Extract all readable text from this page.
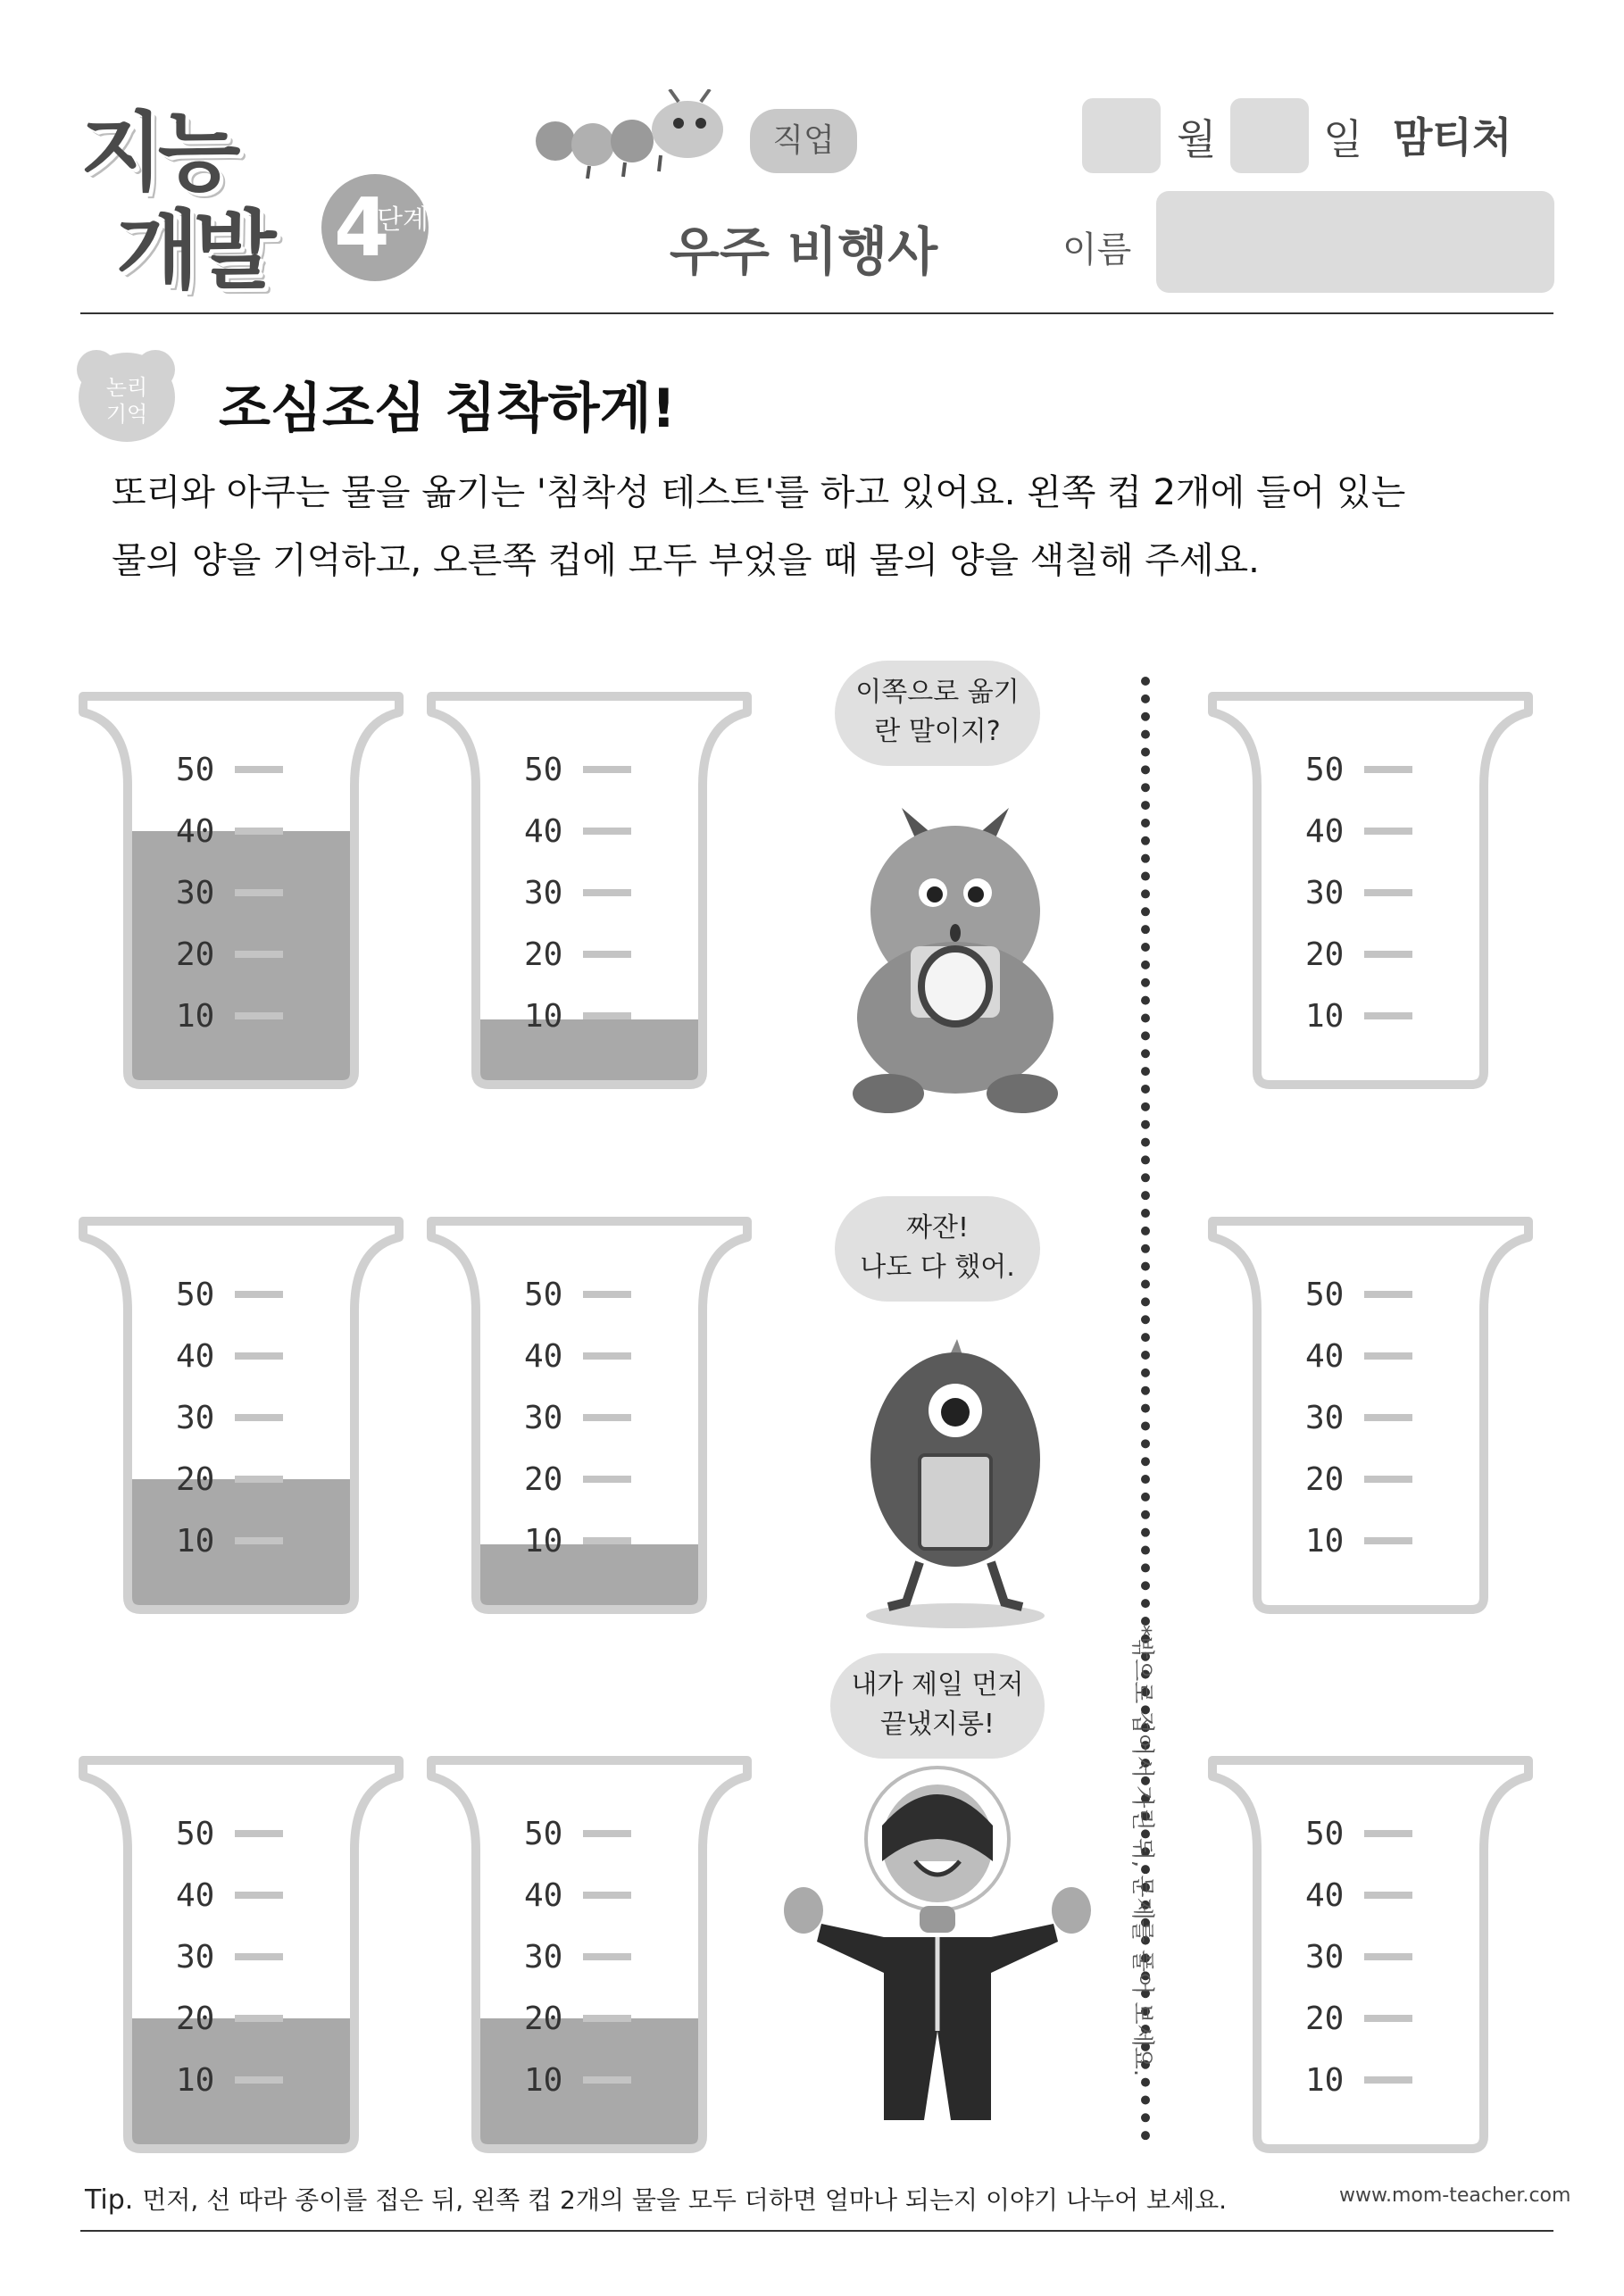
지능
개발 4
단계
직업
우주 비행사
월	일 맘티처
이름
논리
기억	조심조심 침착하게!
또리와 아쿠는 물을 옮기는 '침착성 테스트'를 하고 있어요. 왼쪽 컵 2개에 들어 있는
물의 양을 기억하고, 오른쪽 컵에 모두 부었을 때 물의 양을 색칠해 주세요.
50
40
30
20
10
50
40
30
20
10
50
40
30
20
10
50
40
30
20
10
50
40
30
20
10
50
40
30
20
10
50
40
30
20
10
50
40
30
20
10
50
40
30
20
10
*밖으로 접어서 가린 뒤, 문제를 풀어 보세요.
이쪽으로 옮기
란 말이지?
짜잔!
나도 다 했어.
내가 제일 먼저
끝냈지롱!
Tip. 먼저, 선 따라 종이를 접은 뒤, 왼쪽 컵 2개의 물을 모두 더하면 얼마나 되는지 이야기 나누어 보세요.	www.mom-teacher.com
